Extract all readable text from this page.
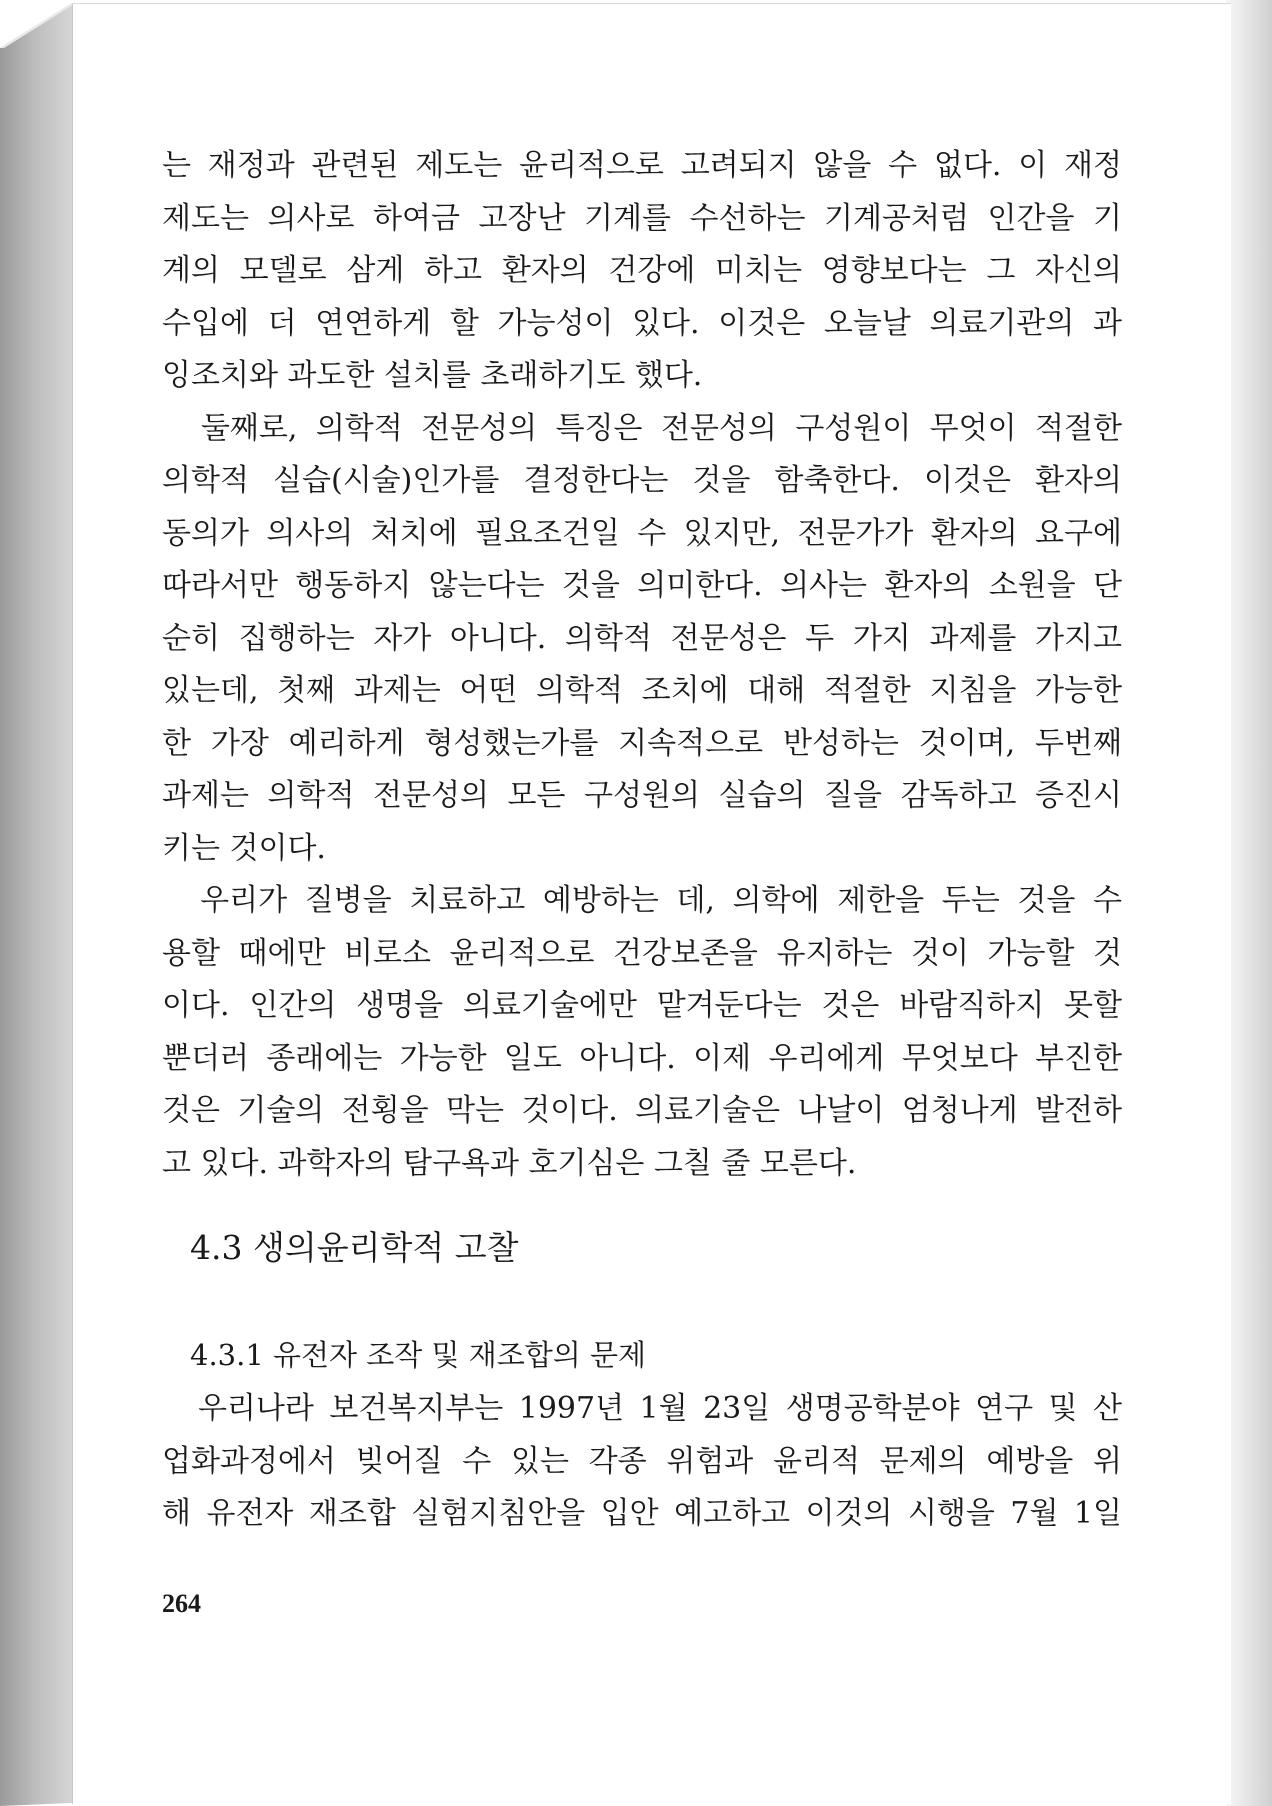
는 재정과 관련된 제도는 윤리적으로 고려되지 않을 수 없다. 이 재정
제도는 의사로 하여금 고장난 기계를 수선하는 기계공처럼 인간을 기
계의 모델로 삼게 하고 환자의 건강에 미치는 영향보다는 그 자신의
수입에 더 연연하게 할 가능성이 있다. 이것은 오늘날 의료기관의 과
잉조치와 과도한 설치를 초래하기도 했다.
　둘째로, 의학적 전문성의 특징은 전문성의 구성원이 무엇이 적절한
의학적 실습(시술)인가를 결정한다는 것을 함축한다. 이것은 환자의
동의가 의사의 처치에 필요조건일 수 있지만, 전문가가 환자의 요구에
따라서만 행동하지 않는다는 것을 의미한다. 의사는 환자의 소원을 단
순히 집행하는 자가 아니다. 의학적 전문성은 두 가지 과제를 가지고
있는데, 첫째 과제는 어떤 의학적 조치에 대해 적절한 지침을 가능한
한 가장 예리하게 형성했는가를 지속적으로 반성하는 것이며, 두번째
과제는 의학적 전문성의 모든 구성원의 실습의 질을 감독하고 증진시
키는 것이다.
　우리가 질병을 치료하고 예방하는 데, 의학에 제한을 두는 것을 수
용할 때에만 비로소 윤리적으로 건강보존을 유지하는 것이 가능할 것
이다. 인간의 생명을 의료기술에만 맡겨둔다는 것은 바람직하지 못할
뿐더러 종래에는 가능한 일도 아니다. 이제 우리에게 무엇보다 부진한
것은 기술의 전횡을 막는 것이다. 의료기술은 나날이 엄청나게 발전하
고 있다. 과학자의 탐구욕과 호기심은 그칠 줄 모른다.
4.3 생의윤리학적 고찰
4.3.1 유전자 조작 및 재조합의 문제
　우리나라 보건복지부는 1997년 1월 23일 생명공학분야 연구 및 산
업화과정에서 빚어질 수 있는 각종 위험과 윤리적 문제의 예방을 위
해 유전자 재조합 실험지침안을 입안 예고하고 이것의 시행을 7월 1일
264
